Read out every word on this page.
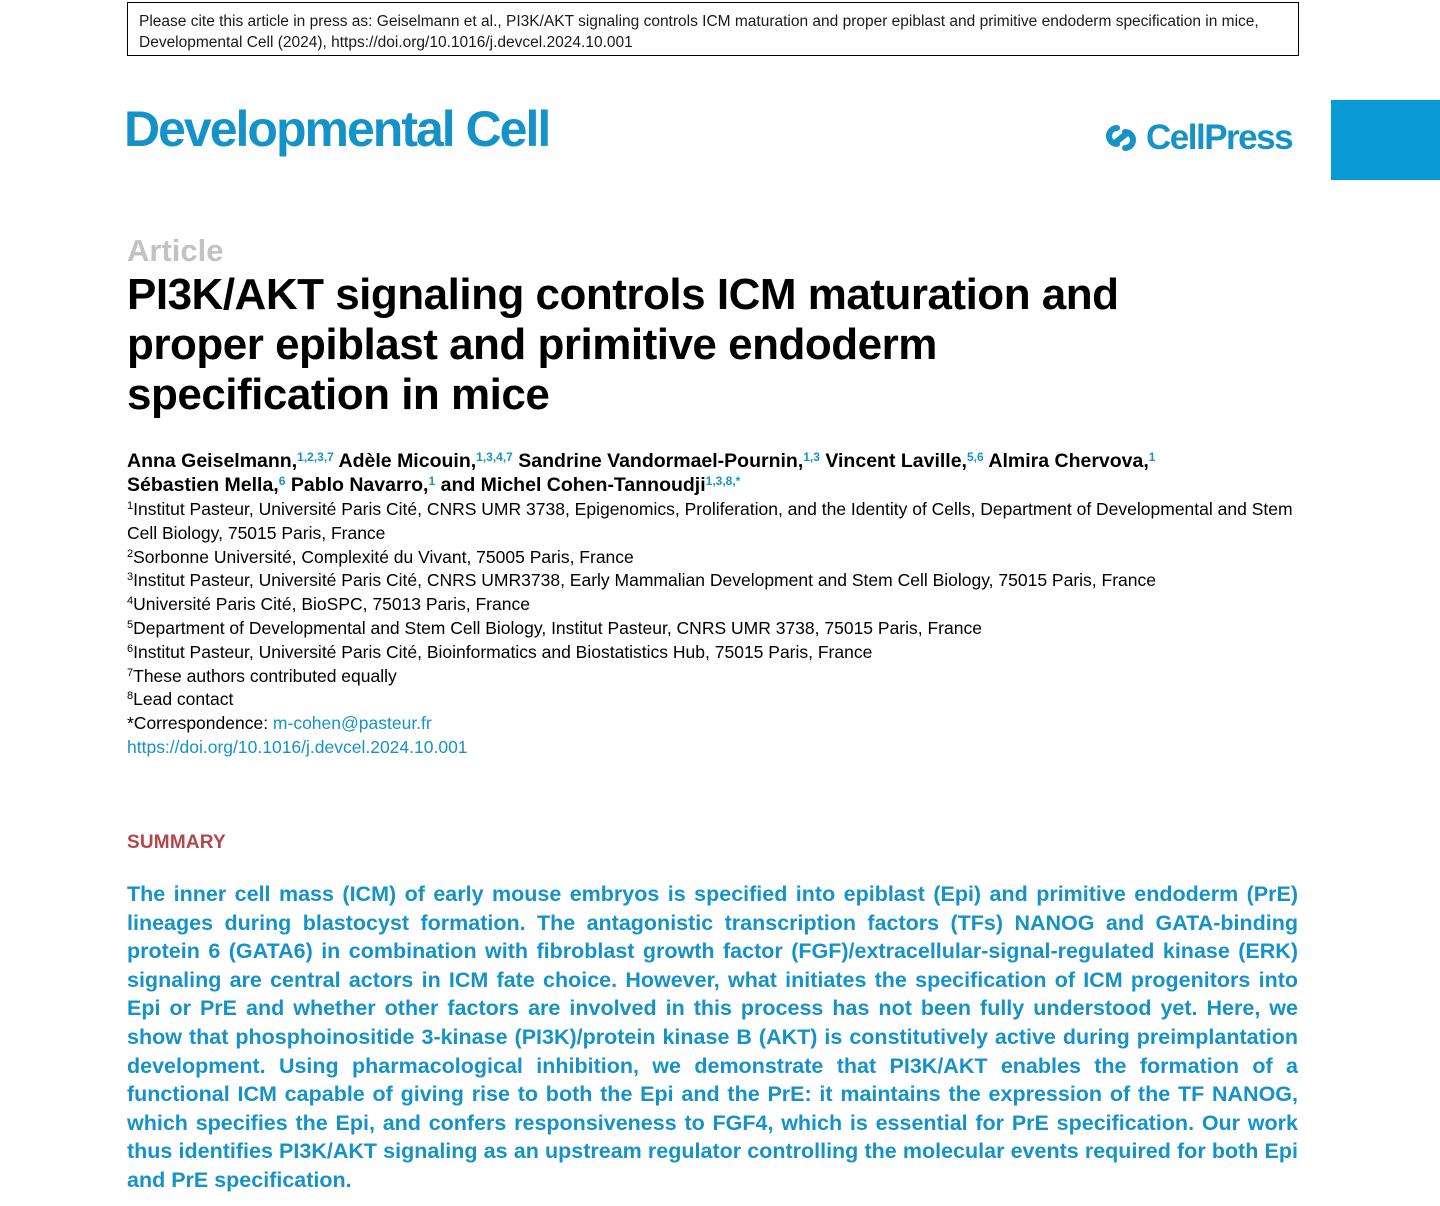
Please cite this article in press as: Geiselmann et al., PI3K/AKT signaling controls ICM maturation and proper epiblast and primitive endoderm specification in mice, Developmental Cell (2024), https://doi.org/10.1016/j.devcel.2024.10.001
Developmental Cell	CellPress
Article
PI3K/AKT signaling controls ICM maturation and proper epiblast and primitive endoderm specification in mice
Anna Geiselmann,$^{1,2,3,7}$ Adèle Micouin,$^{1,3,4,7}$ Sandrine Vandormael-Pournin,$^{1,3}$ Vincent Laville,$^{5,6}$ Almira Chervova,$^1$
Sébastien Mella,$^6$ Pablo Navarro,$^1$ and Michel Cohen-Tannoudji$^{1,3,8,*}$

$^1$Institut Pasteur, Université Paris Cité, CNRS UMR 3738, Epigenomics, Proliferation, and the Identity of Cells, Department of Developmental and Stem Cell Biology, 75015 Paris, France

$^2$Sorbonne Université, Complexité du Vivant, 75005 Paris, France

$^3$Institut Pasteur, Université Paris Cité, CNRS UMR3738, Early Mammalian Development and Stem Cell Biology, 75015 Paris, France

$^4$Université Paris Cité, BioSPC, 75013 Paris, France

$^5$Department of Developmental and Stem Cell Biology, Institut Pasteur, CNRS UMR 3738, 75015 Paris, France

$^6$Institut Pasteur, Université Paris Cité, Bioinformatics and Biostatistics Hub, 75015 Paris, France

$^7$These authors contributed equally

$^8$Lead contact

*Correspondence: m-cohen@pasteur.fr

https://doi.org/10.1016/j.devcel.2024.10.001

SUMMARY

The inner cell mass (ICM) of early mouse embryos is specified into epiblast (Epi) and primitive endoderm (PrE) lineages during blastocyst formation. The antagonistic transcription factors (TFs) NANOG and GATA-binding protein 6 (GATA6) in combination with fibroblast growth factor (FGF)/extracellular-signal-regulated kinase (ERK) signaling are central actors in ICM fate choice. However, what initiates the specification of ICM progenitors into Epi or PrE and whether other factors are involved in this process has not been fully understood yet. Here, we show that phosphoinositide 3-kinase (PI3K)/protein kinase B (AKT) is constitutively active during preimplantation development. Using pharmacological inhibition, we demonstrate that PI3K/AKT enables the formation of a functional ICM capable of giving rise to both the Epi and the PrE: it maintains the expression of the TF NANOG, which specifies the Epi, and confers responsiveness to FGF4, which is essential for PrE specification. Our work thus identifies PI3K/AKT signaling as an upstream regulator controlling the molecular events required for both Epi and PrE specification.
